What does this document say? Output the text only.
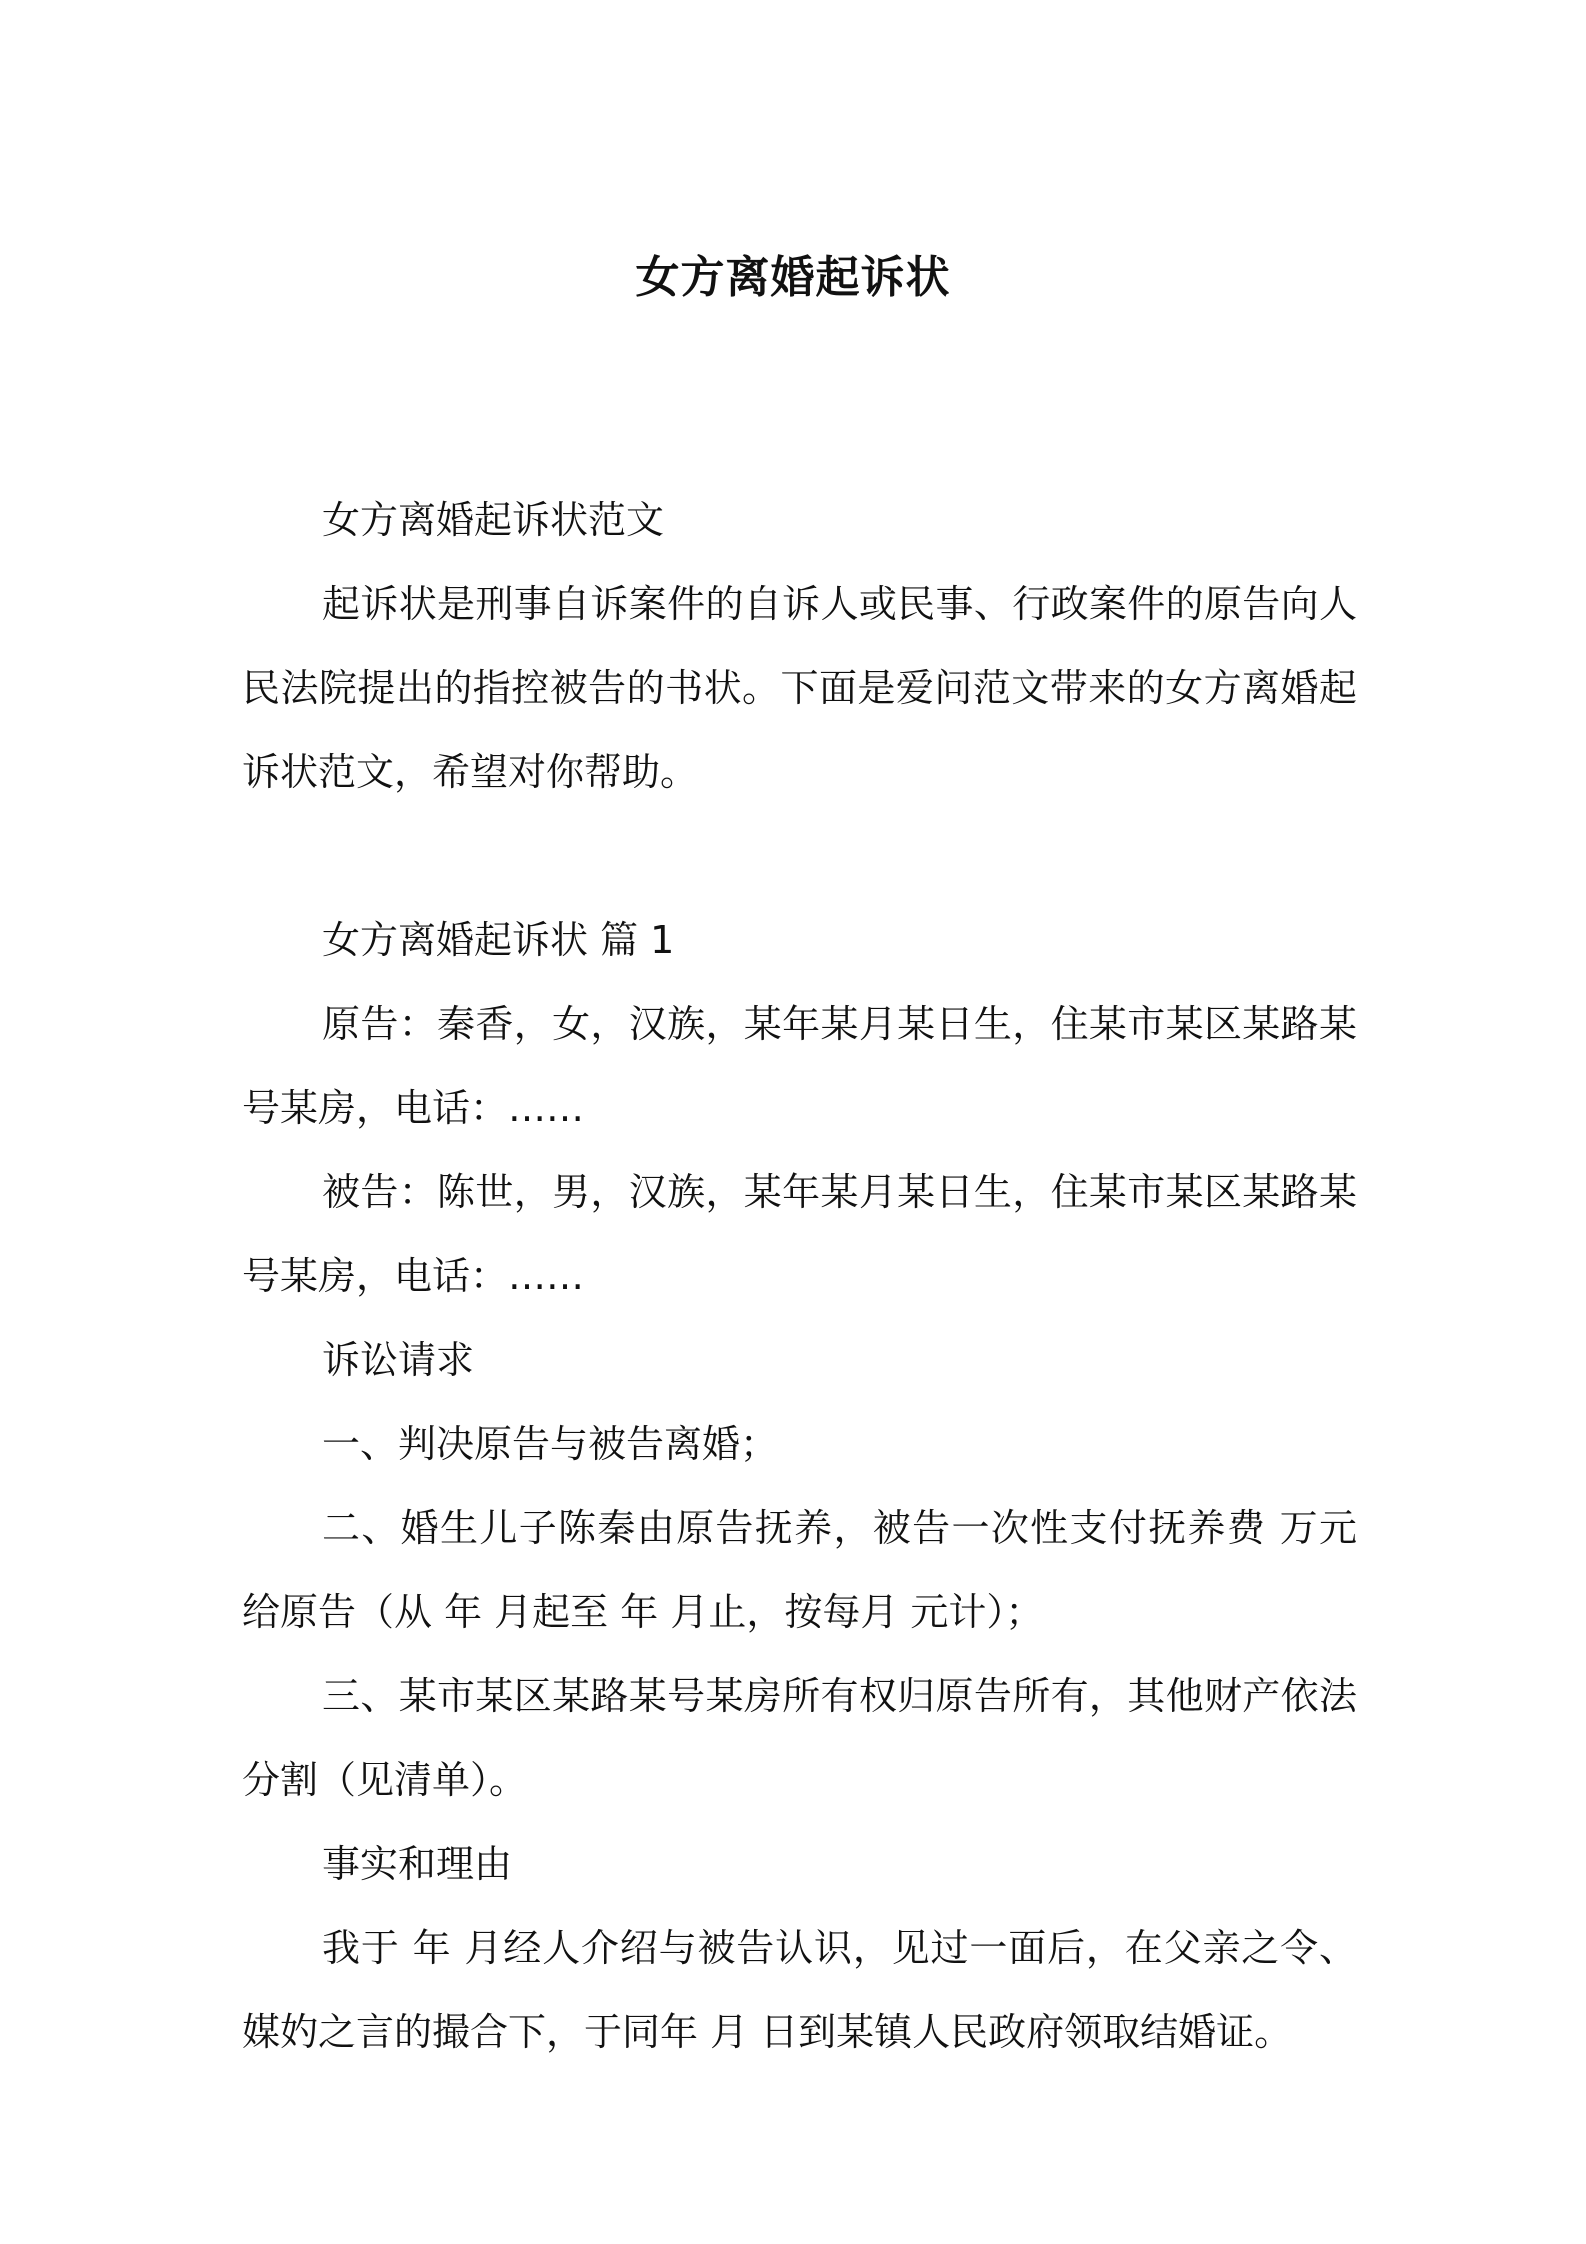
女方离婚起诉状

女方离婚起诉状范文

起诉状是刑事自诉案件的自诉人或民事、行政案件的原告向人民法院提出的指控被告的书状。下面是爱问范文带来的女方离婚起诉状范文，希望对你帮助。

女方离婚起诉状 篇 1

原告：秦香，女，汉族，某年某月某日生，住某市某区某路某号某房，电话：……

被告：陈世，男，汉族，某年某月某日生，住某市某区某路某号某房，电话：……

诉讼请求

一、判决原告与被告离婚；

二、婚生儿子陈秦由原告抚养，被告一次性支付抚养费 万元给原告（从 年 月起至 年 月止，按每月 元计）；

三、某市某区某路某号某房所有权归原告所有，其他财产依法分割（见清单）。

事实和理由

我于 年 月经人介绍与被告认识，见过一面后，在父亲之令、媒妁之言的撮合下，于同年 月 日到某镇人民政府领取结婚证。
